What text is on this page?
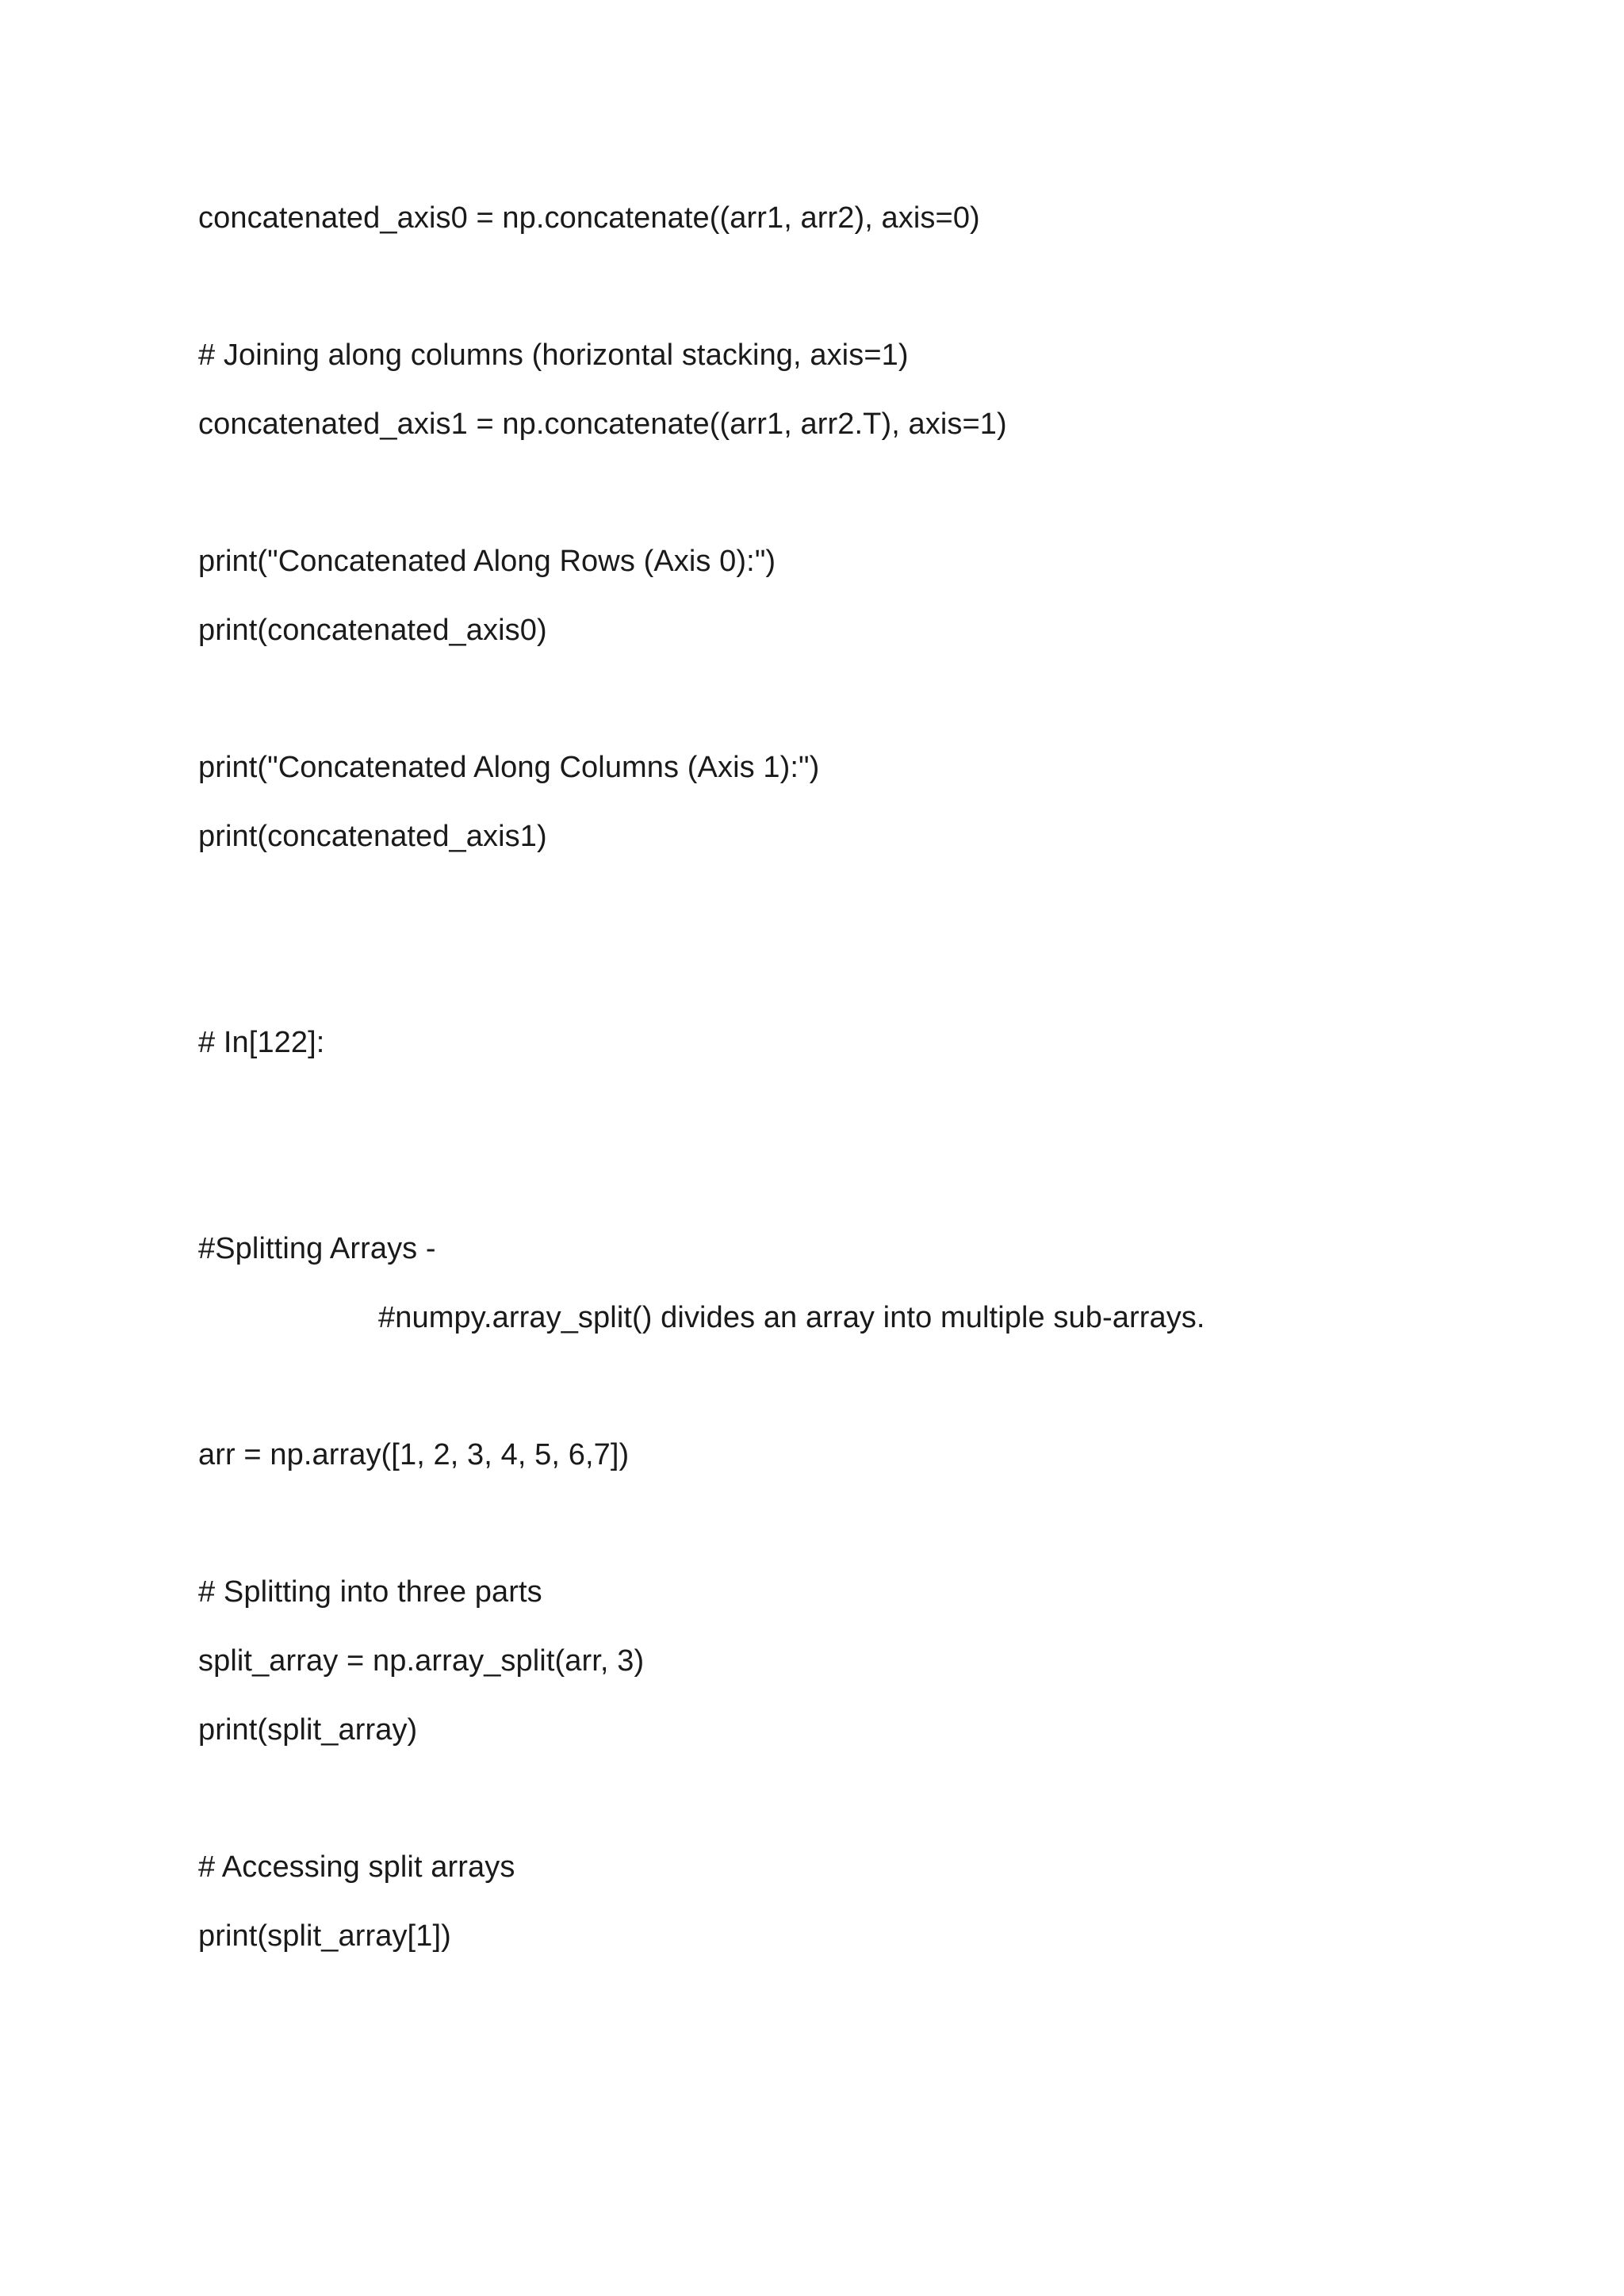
concatenated_axis0 = np.concatenate((arr1, arr2), axis=0)
# Joining along columns (horizontal stacking, axis=1)
concatenated_axis1 = np.concatenate((arr1, arr2.T), axis=1)
print("Concatenated Along Rows (Axis 0):")
print(concatenated_axis0)
print("Concatenated Along Columns (Axis 1):")
print(concatenated_axis1)
# In[122]:
#Splitting Arrays -
#numpy.array_split() divides an array into multiple sub-arrays.
arr = np.array([1, 2, 3, 4, 5, 6,7])
# Splitting into three parts
split_array = np.array_split(arr, 3)
print(split_array)
# Accessing split arrays
print(split_array[1])
